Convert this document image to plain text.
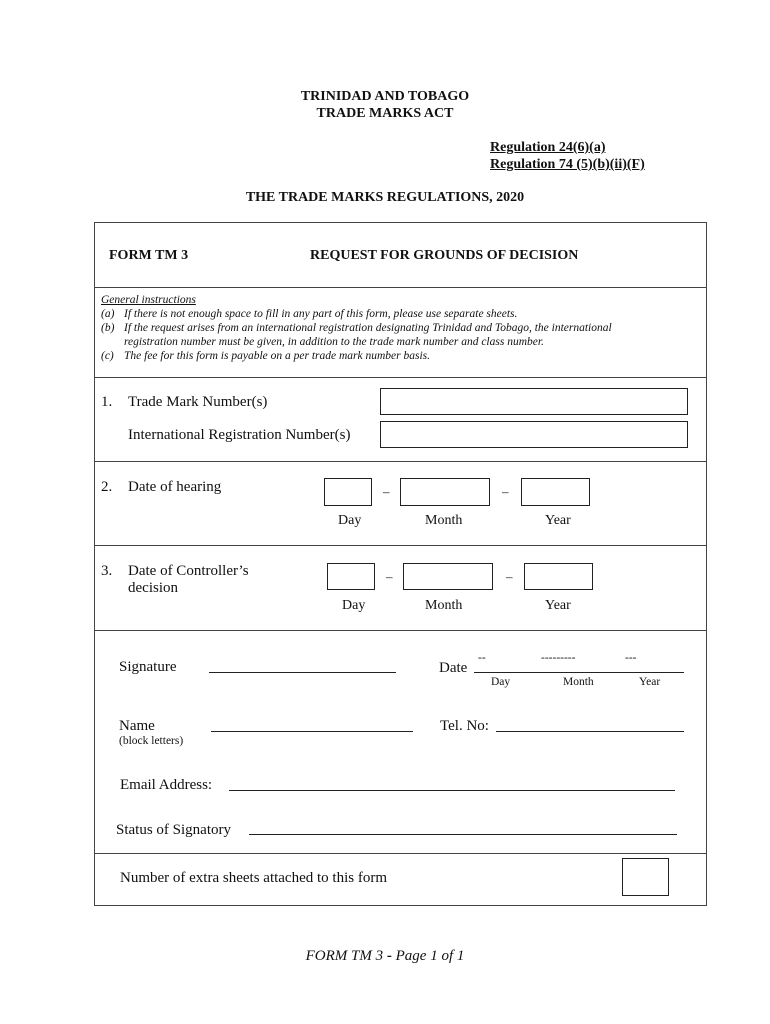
TRINIDAD AND TOBAGO
TRADE MARKS ACT
Regulation 24(6)(a)
Regulation 74 (5)(b)(ii)(F)
THE TRADE MARKS REGULATIONS, 2020
FORM TM 3	REQUEST FOR GROUNDS OF DECISION
General instructions
(a) If there is not enough space to fill in any part of this form, please use separate sheets.
(b) If the request arises from an international registration designating Trinidad and Tobago, the international
registration number must be given, in addition to the trade mark number and class number.
(c) The fee for this form is payable on a per trade mark number basis.
1. Trade Mark Number(s)
International Registration Number(s)
2. Date of hearing	–	–
Day	Month	Year
3. Date of Controller’s
decision
–	–
Day	Month	Year
Signature	Date
--	---------	---
Day	Month	Year
Name
(block letters)
Tel. No:
Email Address:
Status of Signatory
Number of extra sheets attached to this form
FORM TM 3 - Page 1 of 1
